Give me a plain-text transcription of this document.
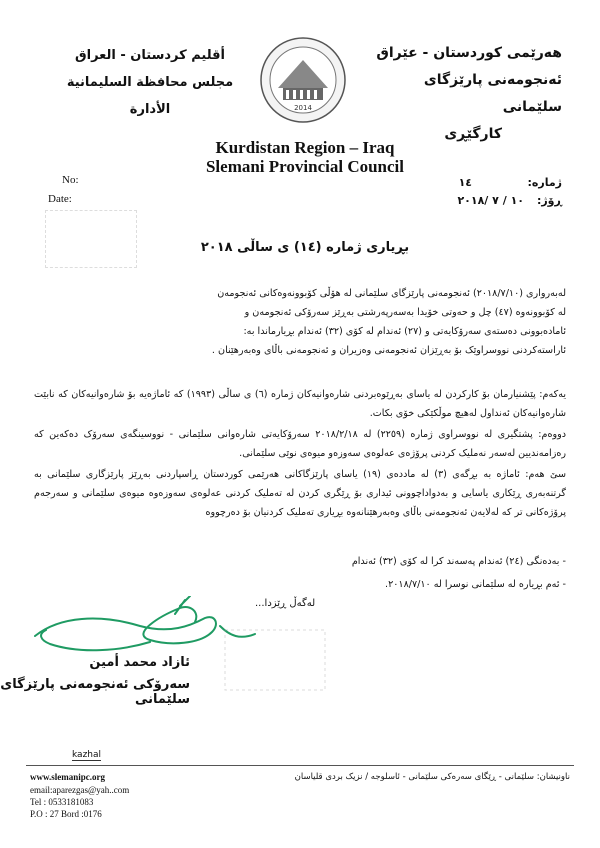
هەرێمی کوردستان - عێراق
ئەنجومەنی پارێزگای سلێمانی
کارگێڕی
أقليم كردستان - العراق
مجلس محافظة السليمانية
الأدارة	2014
Kurdistan Region – Iraq
Slemani Provincial Council
No:
Date:
ژمارە:
١٤
ڕۆژ:
١٠ / ٧ /٢٠١٨
بڕیاری ژمارە (١٤) ی ساڵی ٢٠١٨
لەبەرواری (٢٠١٨/٧/١٠) ئەنجومەنی پارێزگای سلێمانی لە هۆڵی کۆبوونەوەکانی ئەنجومەن
لە کۆبوونەوە (٤٧) چل و حەوتی خۆیدا بەسەرپەرشتی بەڕێز سەرۆکی ئەنجومەن و
ئامادەبوونی دەستەی سەرۆکایەتی و (٢٧) ئەندام لە کۆی (٣٢) ئەندام بڕیارماندا بە:
ئاراستەکردنی نووسراوێک بۆ بەڕێزان ئەنجومەنی وەزیران و ئەنجومەنی باڵای وەبەرهێنان .
یەکەم: پێشنیارمان بۆ کارکردن لە یاسای بەڕێوەبردنی شارەوانیەکان ژمارە (٦) ی ساڵی (١٩٩٣) کە ئاماژەیە بۆ شارەوانیەکان کە نابێت شارەوانیەکان ئەنداول لەهیچ موڵکێکی خۆی بکات.
دووەم: پشتگیری لە نووسراوی ژمارە (٢٢٥٩) لە ٢٠١٨/٢/١٨ سەرۆکایەتی شارەوانی سلێمانی - نووسینگەی سەرۆک دەکەین کە رەزامەندیین لەسەر نەملیک کردنی پرۆژەی عەلوەی سەوزەو میوەی نوێی سلێمانی.
سێ هەم: ئاماژە بە بڕگەی (٣) لە ماددەی (١٩) یاسای پارێزگاکانی هەرێمی کوردستان ڕاسپاردنی بەڕێز پارێزگاری سلێمانی بە گرتنەبەری ڕێکاری یاسایی و بەدواداچوونی ئیداری بۆ ڕێگری کردن لە تەملیک کردنی عەلوەی سەوزەوە میوەی سلێمانی و سەرجەم پرۆژەکانی تر کە لەلایەن ئەنجومەنی باڵای وەبەرهێنانەوە بڕیاری تەملیک کردنیان بۆ دەرچووە
- بەدەنگی (٢٤) ئەندام پەسەند کرا لە کۆی (٣٢) ئەندام
- ئەم بڕیارە لە سلێمانی نوسرا لە ٢٠١٨/٧/١٠.
لەگەڵ ڕێزدا...
ئازاد محمد أمين
سەرۆکی ئەنجومەنی پارێزگای سلێمانی
kazhal
ناونیشان: سلێمانی - ڕێگای سەرەکی سلێمانی - ئاسلوجە / نزیک بردی قلیاسان
www.slemanipc.org
email:aparezgas@yah..com
Tel : 0533181083
P.O : 27 Bord :0176
